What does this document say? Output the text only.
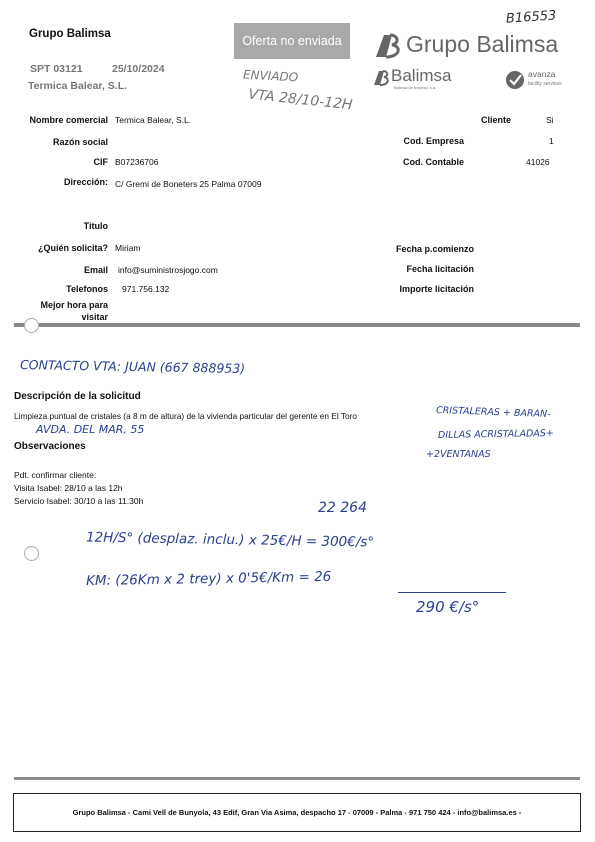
Grupo Balimsa
SPT 03121	25/10/2024
Termica Balear, S.L.
Oferta no enviada	Grupo Balimsa
Balimsa
Balimsa de limpieza, s.a.
avanza
facility services
B16553
ENVIADO
VTA 28/10-12H
Nombre comercial Termica Balear, S.L.	Cliente	Si
Razón social	Cod. Empresa	1
CIF B07236706	Cod. Contable	41026
Dirección: C/ Gremi de Boneters 25 Palma 07009
Titulo
¿Quién solicita? Miriam	Fecha p.comienzo
Email info@suministrosjogo.com	Fecha licitación
Telefonos 971.756.132	Importe licitación
Mejor hora para
visitar
CONTACTO VTA: JUAN (667 888953)
Descripción de la solicitud
Limpieza puntual de cristales (a 8 m de altura) de la vivienda particular del gerente en El Toro
AVDA. DEL MAR, 55
CRISTALERAS + BARAN-
DILLAS ACRISTALADAS+
+2VENTANAS
Observaciones
Pdt. confirmar cliente:
Visita Isabel: 28/10 a las 12h
Servicio Isabel: 30/10 a las 11.30h	22 264
12H/S° (desplaz. inclu.) x 25€/H = 300€/s°
KM: (26Km x 2 trey) x 0'5€/Km = 26
290 €/s°
Grupo Balimsa - Cami Vell de Bunyola, 43 Edif, Gran Via Asima, despacho 17 - 07009 - Palma - 971 750 424 - info@balimsa.es -
